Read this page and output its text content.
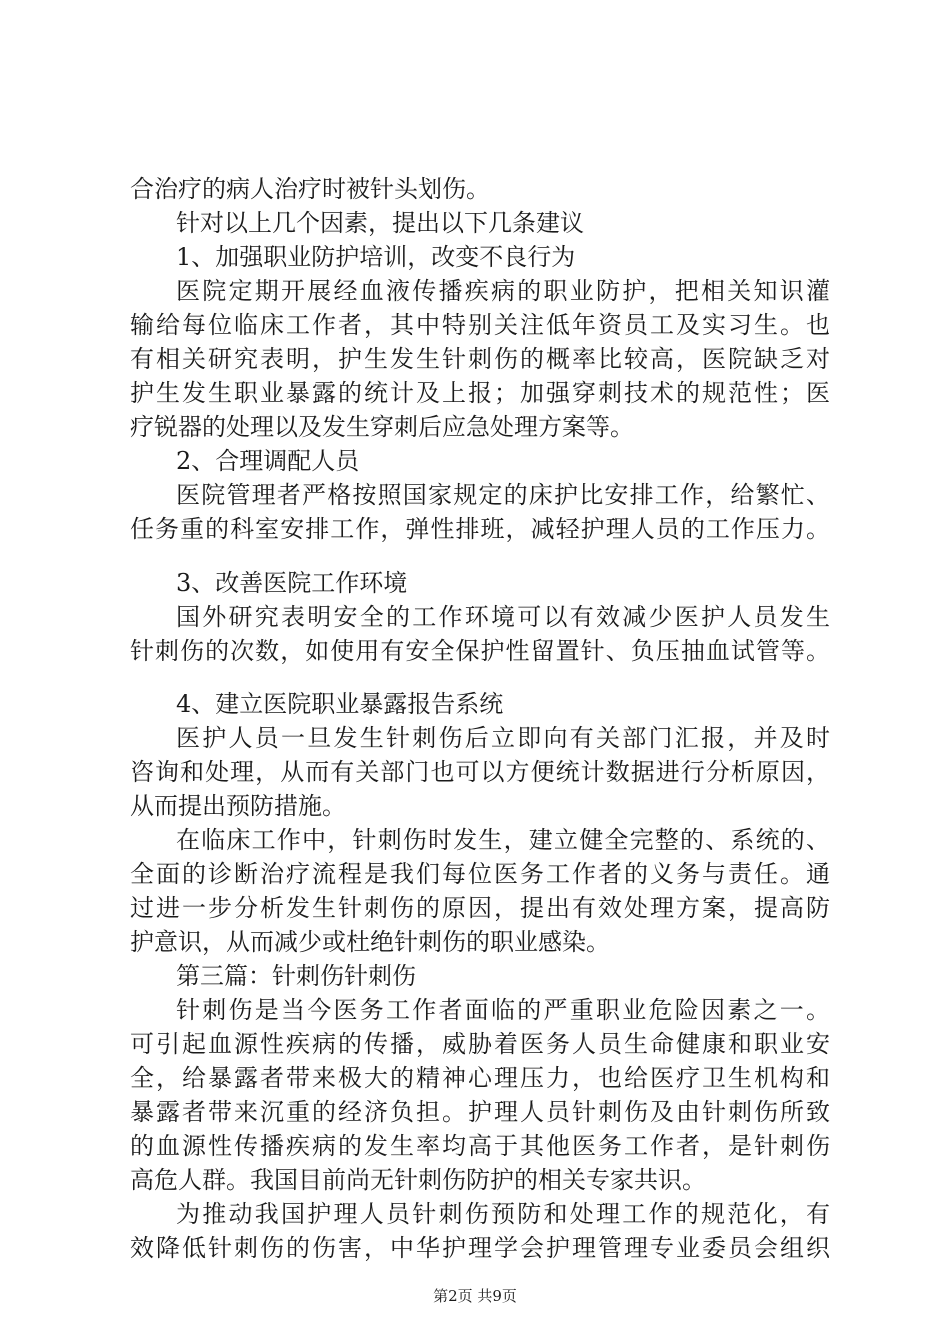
合治疗的病人治疗时被针头划伤。
针对以上几个因素，提出以下几条建议
1、加强职业防护培训，改变不良行为
医院定期开展经血液传播疾病的职业防护，把相关知识灌
输给每位临床工作者，其中特别关注低年资员工及实习生。也
有相关研究表明，护生发生针刺伤的概率比较高，医院缺乏对
护生发生职业暴露的统计及上报；加强穿刺技术的规范性；医
疗锐器的处理以及发生穿刺后应急处理方案等。
2、合理调配人员
医院管理者严格按照国家规定的床护比安排工作，给繁忙、
任务重的科室安排工作，弹性排班，减轻护理人员的工作压力。
3、改善医院工作环境
国外研究表明安全的工作环境可以有效减少医护人员发生
针刺伤的次数，如使用有安全保护性留置针、负压抽血试管等。
4、建立医院职业暴露报告系统
医护人员一旦发生针刺伤后立即向有关部门汇报，并及时
咨询和处理，从而有关部门也可以方便统计数据进行分析原因，
从而提出预防措施。
在临床工作中，针刺伤时发生，建立健全完整的、系统的、
全面的诊断治疗流程是我们每位医务工作者的义务与责任。通
过进一步分析发生针刺伤的原因，提出有效处理方案，提高防
护意识，从而减少或杜绝针刺伤的职业感染。
第三篇：针刺伤针刺伤
针刺伤是当今医务工作者面临的严重职业危险因素之一。
可引起血源性疾病的传播，威胁着医务人员生命健康和职业安
全，给暴露者带来极大的精神心理压力，也给医疗卫生机构和
暴露者带来沉重的经济负担。护理人员针刺伤及由针刺伤所致
的血源性传播疾病的发生率均高于其他医务工作者，是针刺伤
高危人群。我国目前尚无针刺伤防护的相关专家共识。
为推动我国护理人员针刺伤预防和处理工作的规范化，有
效降低针刺伤的伤害，中华护理学会护理管理专业委员会组织
第2页 共9页
